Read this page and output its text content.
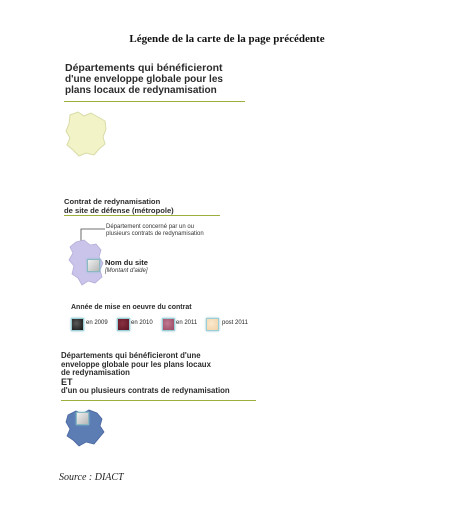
Légende de la carte de la page précédente
Départements qui bénéficieront
d'une enveloppe globale pour les
plans locaux de redynamisation
Contrat de redynamisation
de site de défense (métropole)
Département concerné par un ou
plusieurs contrats de redynamisation
Nom du site
[Montant d'aide]
Année de mise en oeuvre du contrat
en 2009	en 2010	en 2011	post 2011
Départements qui bénéficieront d'une
enveloppe globale pour les plans locaux
de redynamisation
ET
d'un ou plusieurs contrats de redynamisation
Source : DIACT
